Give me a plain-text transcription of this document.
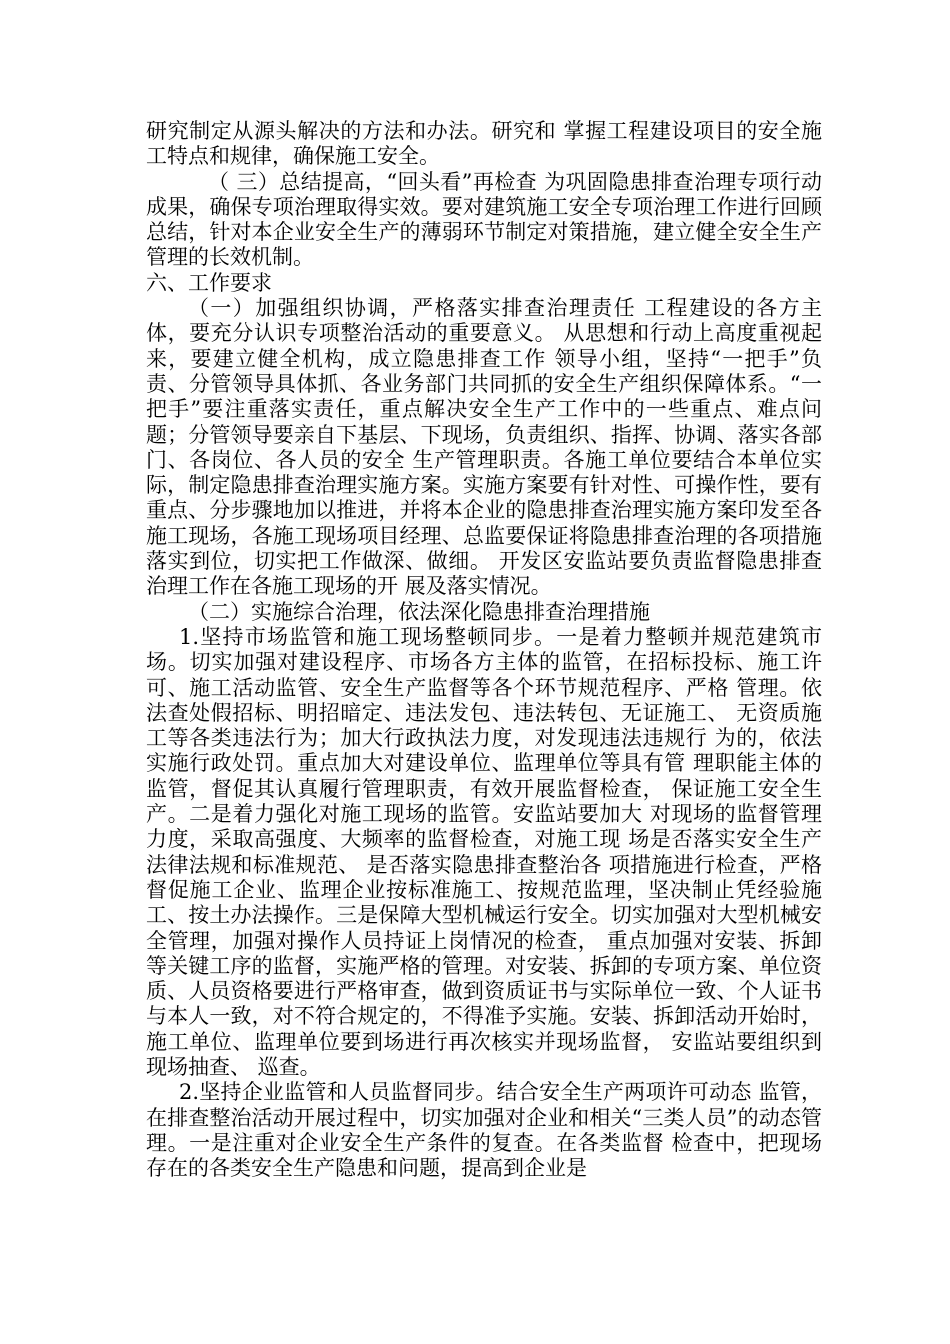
研究制定从源头解决的方法和办法。研究和 掌握工程建设项目的安全施工特点和规律，确保施工安全。

（ 三）总结提高，“回头看”再检查 为巩固隐患排查治理专项行动成果，确保专项治理取得实效。要对建筑施工安全专项治理工作进行回顾总结，针对本企业安全生产的薄弱环节制定对策措施，建立健全安全生产管理的长效机制。

六、工作要求

（一）加强组织协调，严格落实排查治理责任 工程建设的各方主体，要充分认识专项整治活动的重要意义。 从思想和行动上高度重视起来，要建立健全机构，成立隐患排查工作 领导小组，坚持“一把手”负责、分管领导具体抓、各业务部门共同抓的安全生产组织保障体系。“一把手”要注重落实责任，重点解决安全生产工作中的一些重点、难点问题；分管领导要亲自下基层、下现场，负责组织、指挥、协调、落实各部门、各岗位、各人员的安全 生产管理职责。各施工单位要结合本单位实际，制定隐患排查治理实施方案。实施方案要有针对性、可操作性，要有重点、分步骤地加以推进，并将本企业的隐患排查治理实施方案印发至各施工现场，各施工现场项目经理、总监要保证将隐患排查治理的各项措施落实到位，切实把工作做深、做细。 开发区安监站要负责监督隐患排查治理工作在各施工现场的开 展及落实情况。

（二）实施综合治理，依法深化隐患排查治理措施

1.坚持市场监管和施工现场整顿同步。一是着力整顿并规范建筑市场。切实加强对建设程序、市场各方主体的监管，在招标投标、施工许可、施工活动监管、安全生产监督等各个环节规范程序、严格 管理。依法查处假招标、明招暗定、违法发包、违法转包、无证施工、 无资质施工等各类违法行为；加大行政执法力度，对发现违法违规行 为的，依法实施行政处罚。重点加大对建设单位、监理单位等具有管 理职能主体的监管，督促其认真履行管理职责，有效开展监督检查， 保证施工安全生产。二是着力强化对施工现场的监管。安监站要加大 对现场的监督管理力度，采取高强度、大频率的监督检查，对施工现 场是否落实安全生产法律法规和标准规范、 是否落实隐患排查整治各 项措施进行检查，严格督促施工企业、监理企业按标准施工、按规范监理，坚决制止凭经验施工、按土办法操作。三是保障大型机械运行安全。切实加强对大型机械安全管理，加强对操作人员持证上岗情况的检查， 重点加强对安装、拆卸等关键工序的监督，实施严格的管理。对安装、拆卸的专项方案、单位资质、人员资格要进行严格审查，做到资质证书与实际单位一致、个人证书与本人一致，对不符合规定的，不得准予实施。安装、拆卸活动开始时，施工单位、监理单位要到场进行再次核实并现场监督， 安监站要组织到现场抽查、 巡查。

2.坚持企业监管和人员监督同步。结合安全生产两项许可动态 监管，在排查整治活动开展过程中，切实加强对企业和相关“三类人员”的动态管理。一是注重对企业安全生产条件的复查。在各类监督 检查中，把现场存在的各类安全生产隐患和问题，提高到企业是
